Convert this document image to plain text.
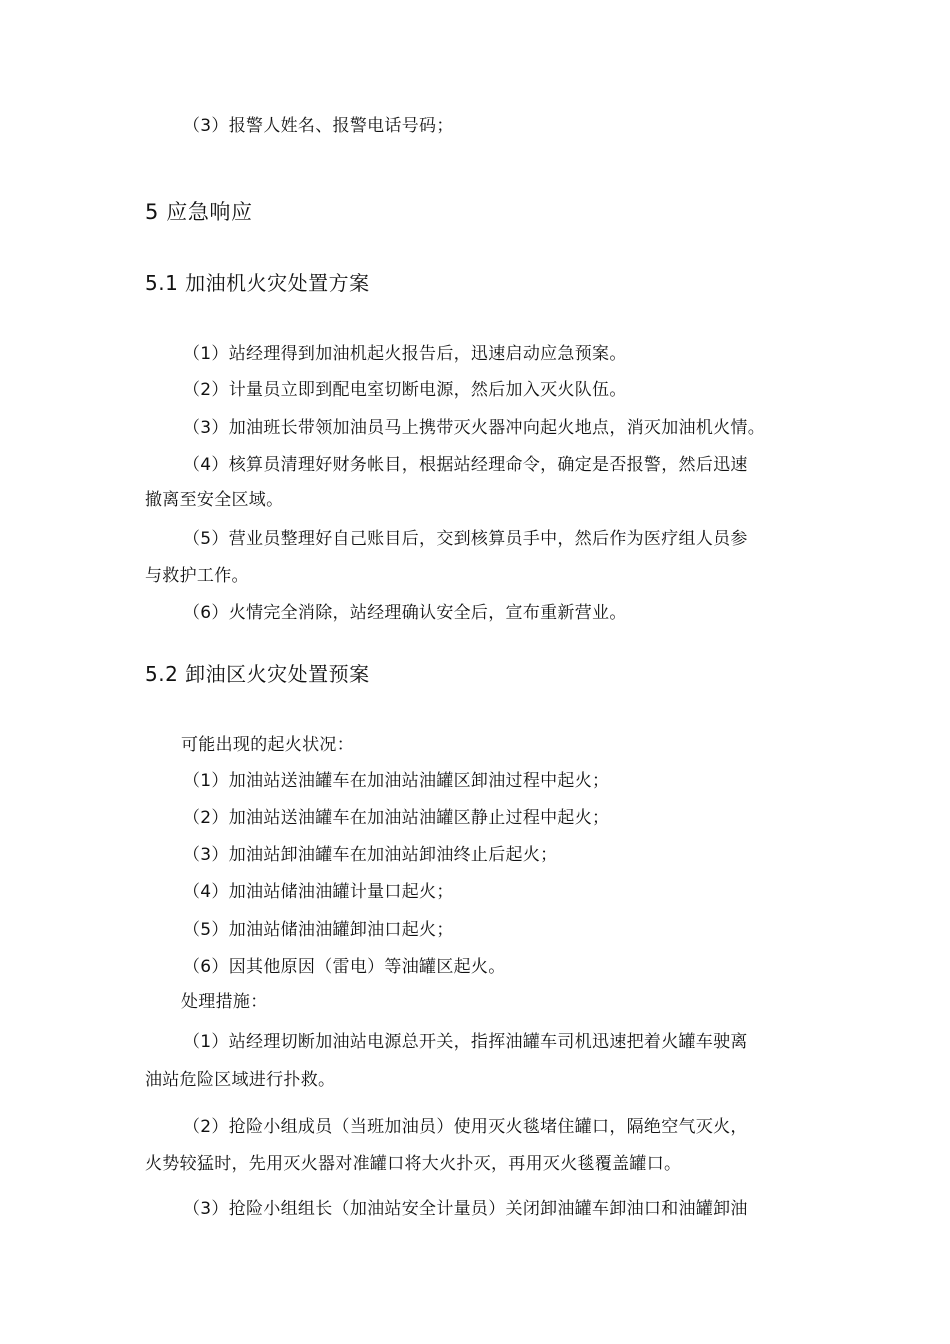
（3）报警人姓名、报警电话号码；
5 应急响应
5.1 加油机火灾处置方案
（1）站经理得到加油机起火报告后，迅速启动应急预案。
（2）计量员立即到配电室切断电源，然后加入灭火队伍。
（3）加油班长带领加油员马上携带灭火器冲向起火地点，消灭加油机火情。
（4）核算员清理好财务帐目，根据站经理命令，确定是否报警，然后迅速
撤离至安全区域。
（5）营业员整理好自己账目后，交到核算员手中，然后作为医疗组人员参
与救护工作。
（6）火情完全消除，站经理确认安全后，宣布重新营业。
5.2 卸油区火灾处置预案
可能出现的起火状况：
（1）加油站送油罐车在加油站油罐区卸油过程中起火；
（2）加油站送油罐车在加油站油罐区静止过程中起火；
（3）加油站卸油罐车在加油站卸油终止后起火；
（4）加油站储油油罐计量口起火；
（5）加油站储油油罐卸油口起火；
（6）因其他原因（雷电）等油罐区起火。
处理措施：
（1）站经理切断加油站电源总开关，指挥油罐车司机迅速把着火罐车驶离
油站危险区域进行扑救。
（2）抢险小组成员（当班加油员）使用灭火毯堵住罐口，隔绝空气灭火，
火势较猛时，先用灭火器对准罐口将大火扑灭，再用灭火毯覆盖罐口。
（3）抢险小组组长（加油站安全计量员）关闭卸油罐车卸油口和油罐卸油
